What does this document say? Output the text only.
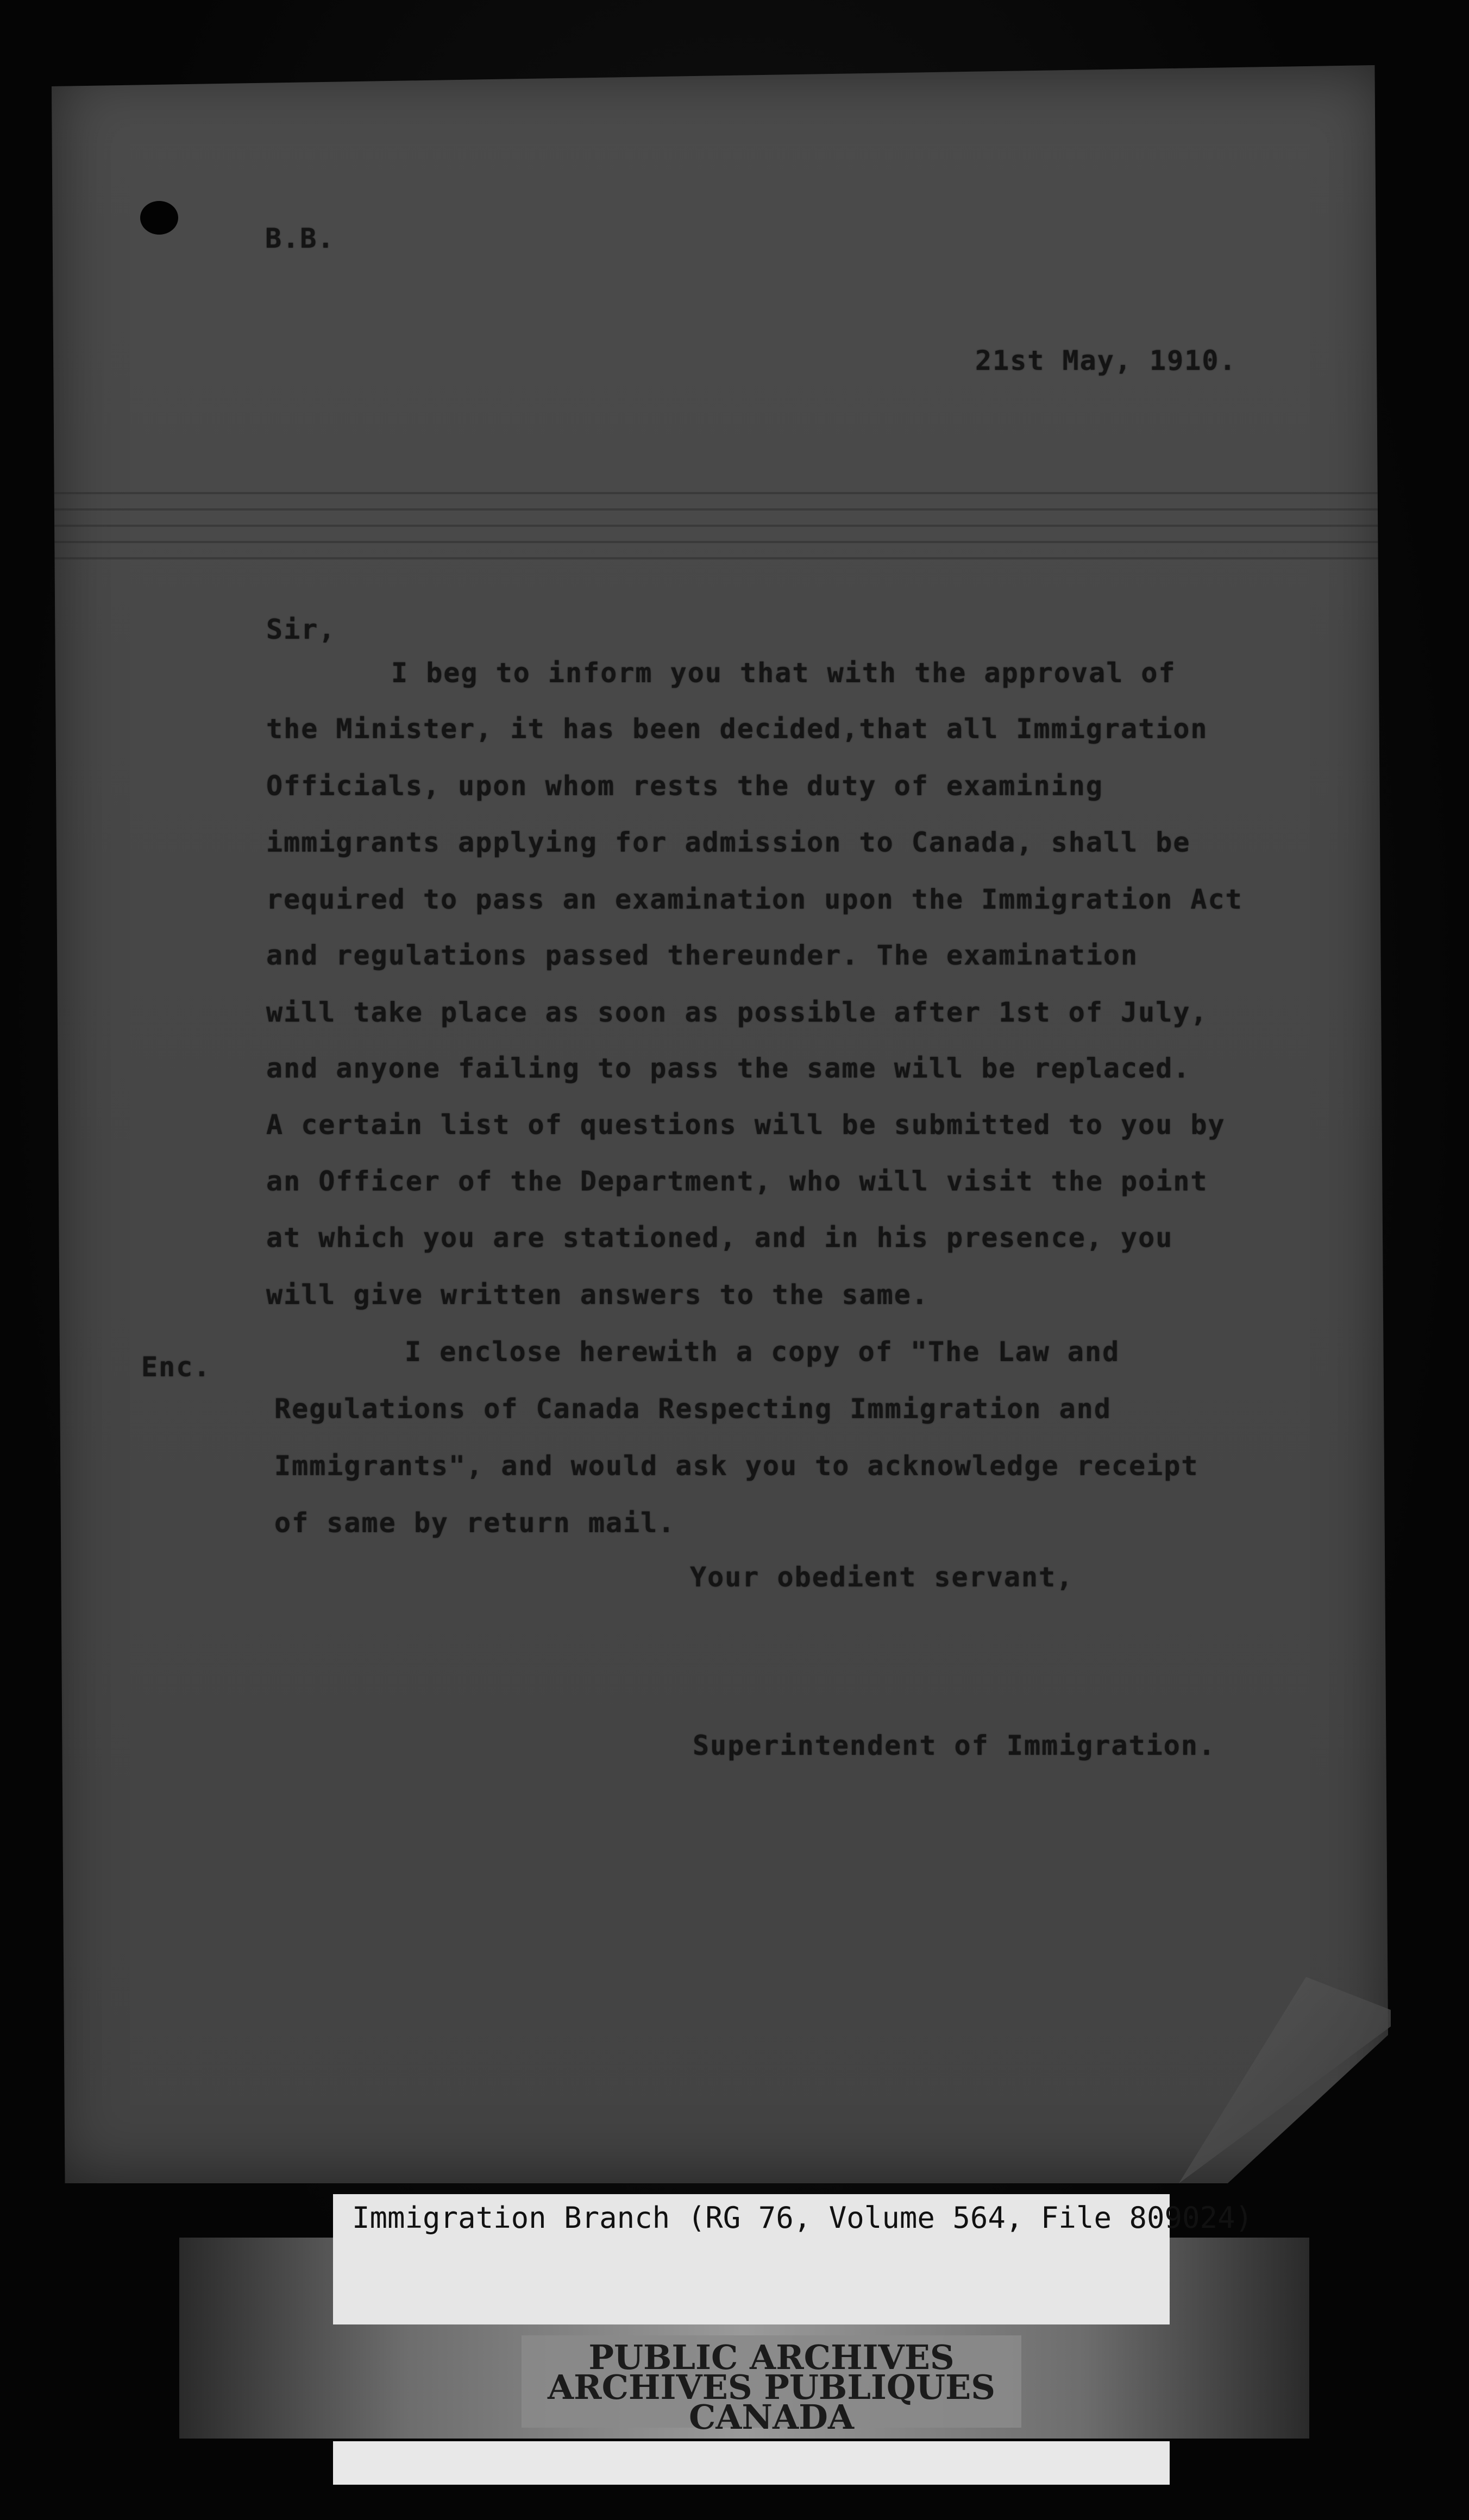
B.B.
21st May, 1910.
Sir,
I beg to inform you that with the approval of
the Minister, it has been decided,that all Immigration
Officials, upon whom rests the duty of examining
immigrants applying for admission to Canada, shall be
required to pass an examination upon the Immigration Act
and regulations passed thereunder. The examination
will take place as soon as possible after 1st of July,
and anyone failing to pass the same will be replaced.
A certain list of questions will be submitted to you by
an Officer of the Department, who will visit the point
at which you are stationed, and in his presence, you
will give written answers to the same.
Enc.	I enclose herewith a copy of "The Law and
Regulations of Canada Respecting Immigration and
Immigrants", and would ask you to acknowledge receipt
of same by return mail.
Your obedient servant,
Superintendent of Immigration.
Immigration Branch (RG 76, Volume 564, File 809024)
PUBLIC ARCHIVES
ARCHIVES PUBLIQUES
CANADA
